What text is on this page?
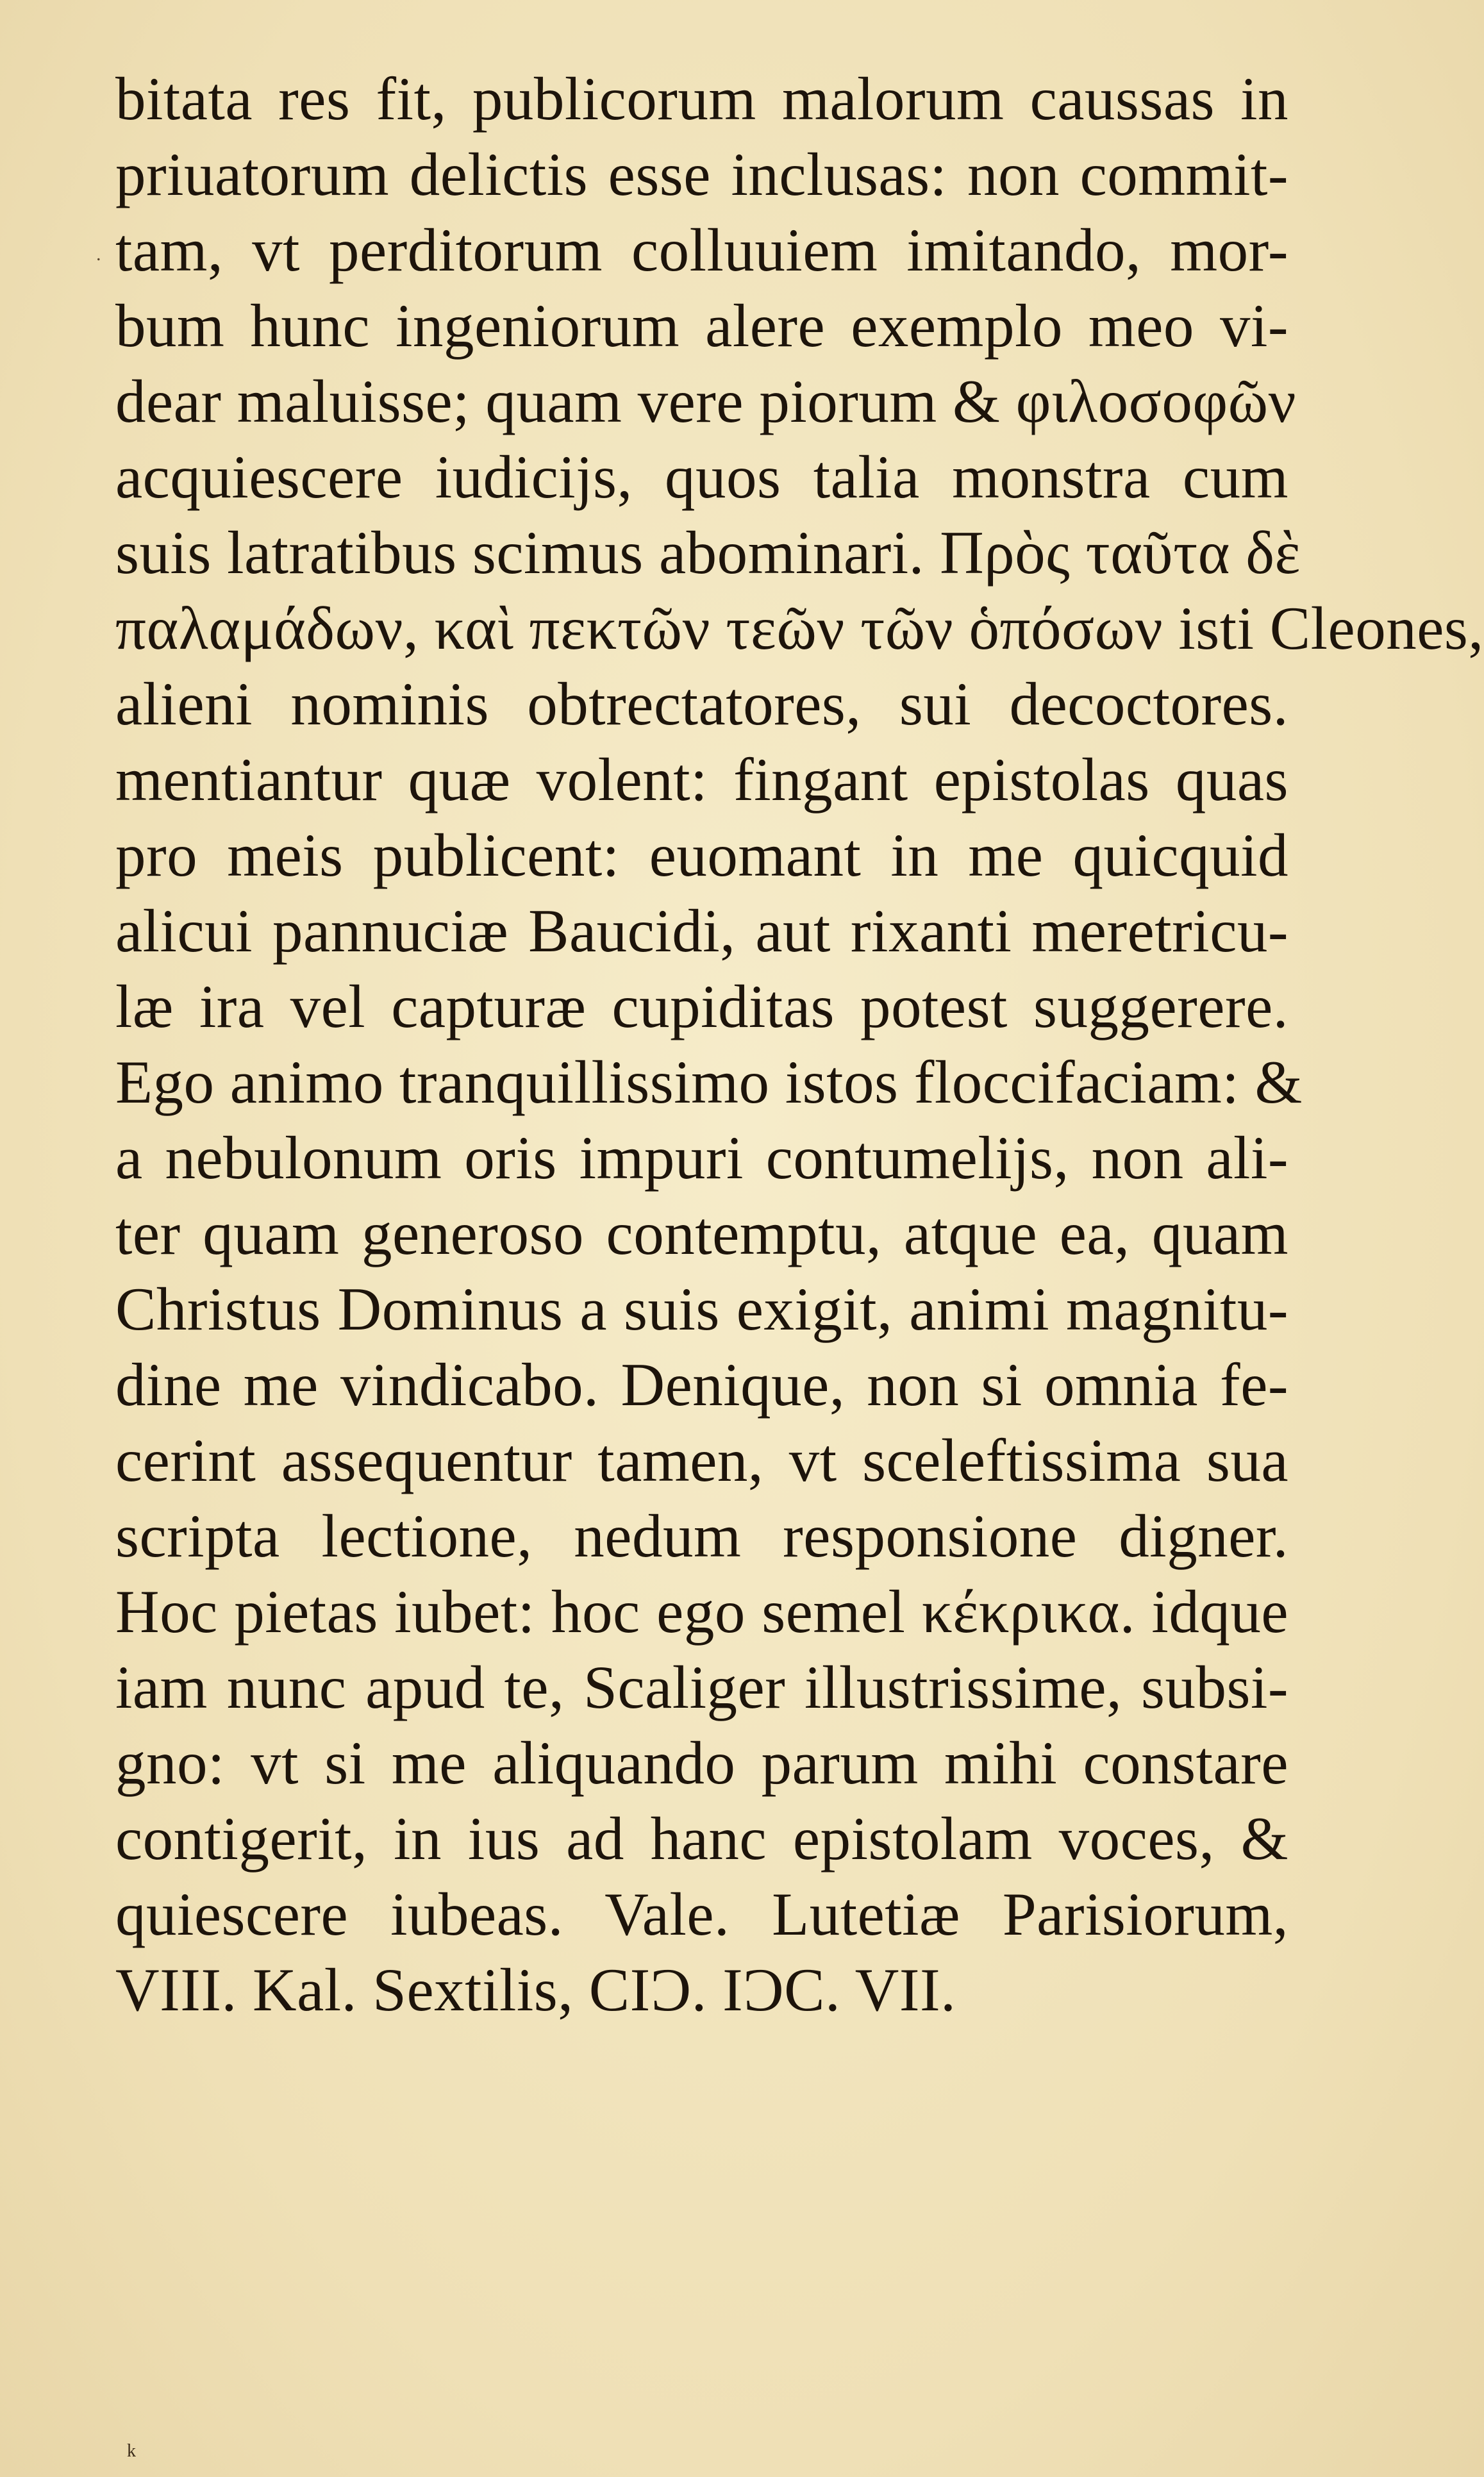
.
bitata res fit, publicorum malorum caussas in
priuatorum delictis esse inclusas: non commit-
tam, vt perditorum colluuiem imitando, mor-
bum hunc ingeniorum alere exemplo meo vi-
dear maluisse; quam vere piorum & φιλοσοφῶν
acquiescere iudicijs, quos talia monstra cum
suis latratibus scimus abominari. Πρὸς ταῦτα δὲ
παλαμάδων, καὶ πεκτῶν τεῶν τῶν ὁπόσων isti Cleones,
alieni nominis obtrectatores, sui decoctores.
mentiantur quæ volent: fingant epistolas quas
pro meis publicent: euomant in me quicquid
alicui pannuciæ Baucidi, aut rixanti meretricu-
læ ira vel capturæ cupiditas potest suggerere.
Ego animo tranquillissimo istos floccifaciam: &
a nebulonum oris impuri contumelijs, non ali-
ter quam generoso contemptu, atque ea, quam
Christus Dominus a suis exigit, animi magnitu-
dine me vindicabo. Denique, non si omnia fe-
cerint assequentur tamen, vt sceleftissima sua
scripta lectione, nedum responsione digner.
Hoc pietas iubet: hoc ego semel κέκρικα. idque
iam nunc apud te, Scaliger illustrissime, subsi-
gno: vt si me aliquando parum mihi constare
contigerit, in ius ad hanc epistolam voces, &
quiescere iubeas. Vale. Lutetiæ Parisiorum,
VIII. Kal. Sextilis, CIƆ. IƆC. VII.
k
